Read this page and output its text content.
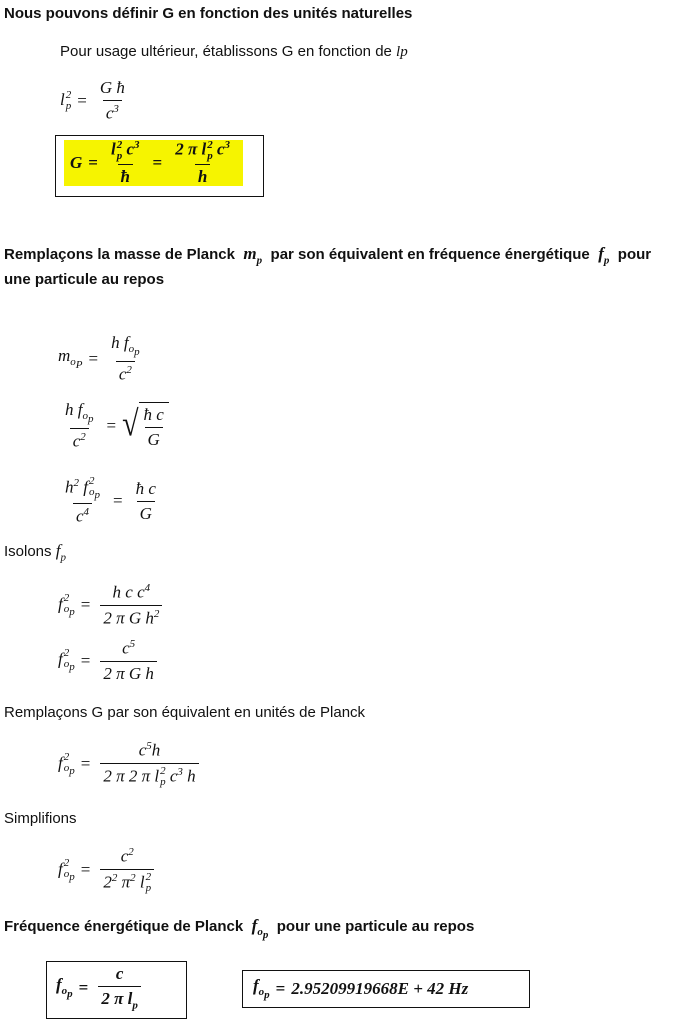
Nous pouvons définir G en fonction des unités naturelles
Pour usage ultérieur, établissons G en fonction de lp
l 2
$p = \frac{\text{G ħ}}{c^3}$
G = l 2
p $c^3$
ħ = 2 π l 2
p $c^3$
h
Remplaçons la masse de Planck  $m_p$ par son équivalent en fréquence énergétique  $f_p$ pour
une particule au repos
$m_{o_P} = \frac{h f_{o_p}}{c^2}$
$\frac{h f_{o_p}}{c^2}$ = √ $\frac{\text{ħ c}}{G}$
$h^2$ f 2
$o_p$
$c^4 = \frac{\text{ħ c}}{G}$
Isolons $f_p$
f 2
$o_p = \frac{h c c^4}{2 \pi G h^2}$
f 2
$o_p = \frac{c^5}{\text{2 π G h}}$
Remplaçons G par son équivalent en unités de Planck
f 2
$o_p = c^5h$
2 π 2 π l 2
p $c^3$ h
Simplifions
f 2
$o_p = c^2$
$2^2$ $\pi^2$ l 2
p
Fréquence énergétique de Planck  $f_{o_p}$  pour une particule au repos
$f_{o_p} = \frac{c}{2 \pi l_p}$	$f_{o_p} = 2.95209919668E + 42$ Hz
